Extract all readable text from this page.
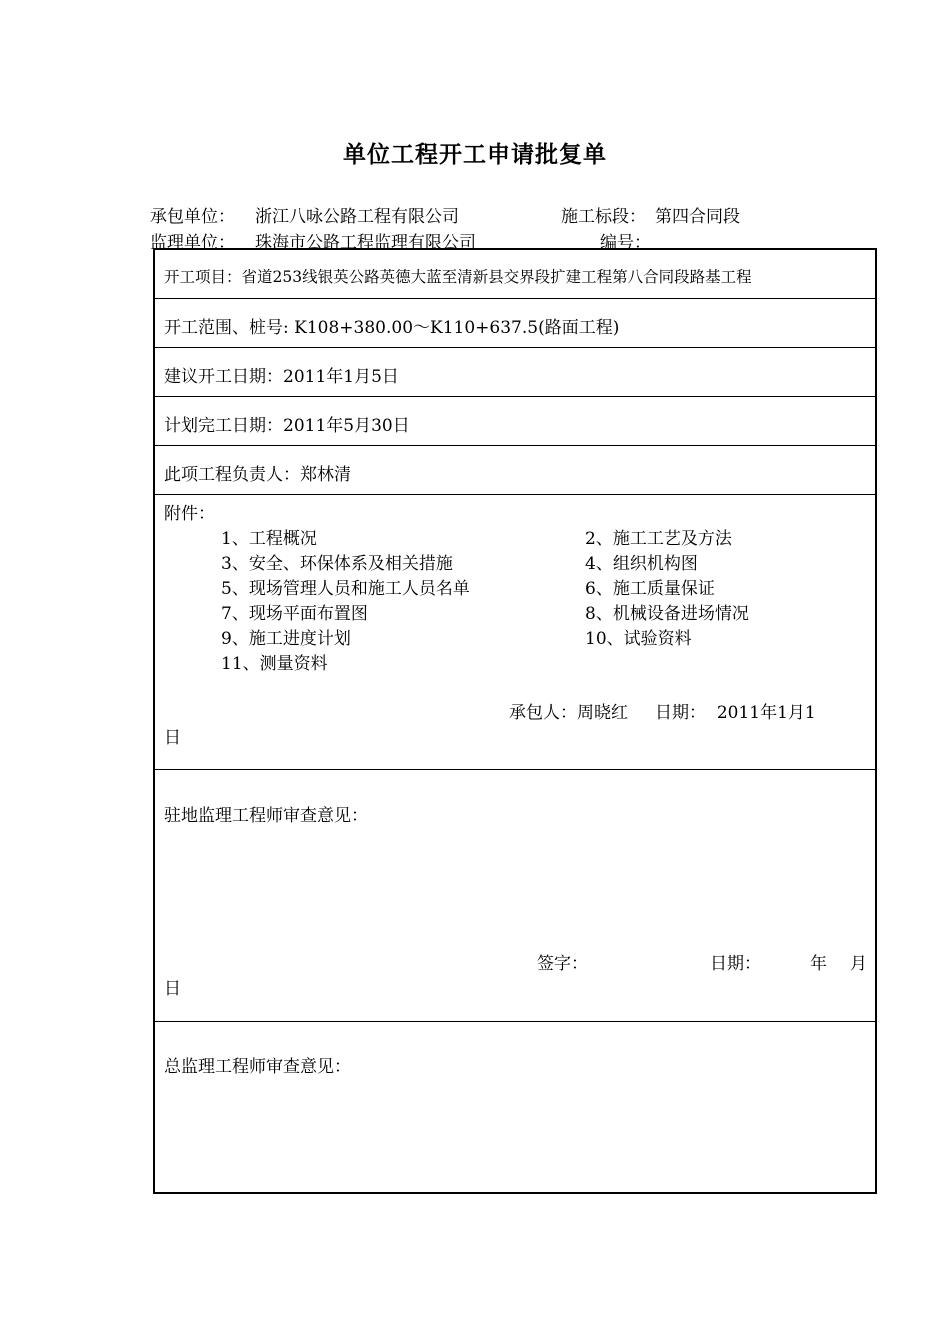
单位工程开工申请批复单
承包单位： 浙江八咏公路工程有限公司	施工标段： 第四合同段
监理单位： 珠海市公路工程监理有限公司	编号：
开工项目：省道253线银英公路英德大蓝至清新县交界段扩建工程第八合同段路基工程
开工范围、桩号: K108+380.00～K110+637.5(路面工程)
建议开工日期：2011年1月5日
计划完工日期：2011年5月30日
此项工程负责人：郑林清
附件：
1、工程概况	2、施工工艺及方法
3、安全、环保体系及相关措施	4、组织机构图
5、现场管理人员和施工人员名单	6、施工质量保证
7、现场平面布置图	8、机械设备进场情况
9、施工进度计划	10、试验资料
11、测量资料
承包人：周晓红     日期：  2011年1月1
日
驻地监理工程师审查意见：
签字：	日期：	年 月
日
总监理工程师审查意见：
